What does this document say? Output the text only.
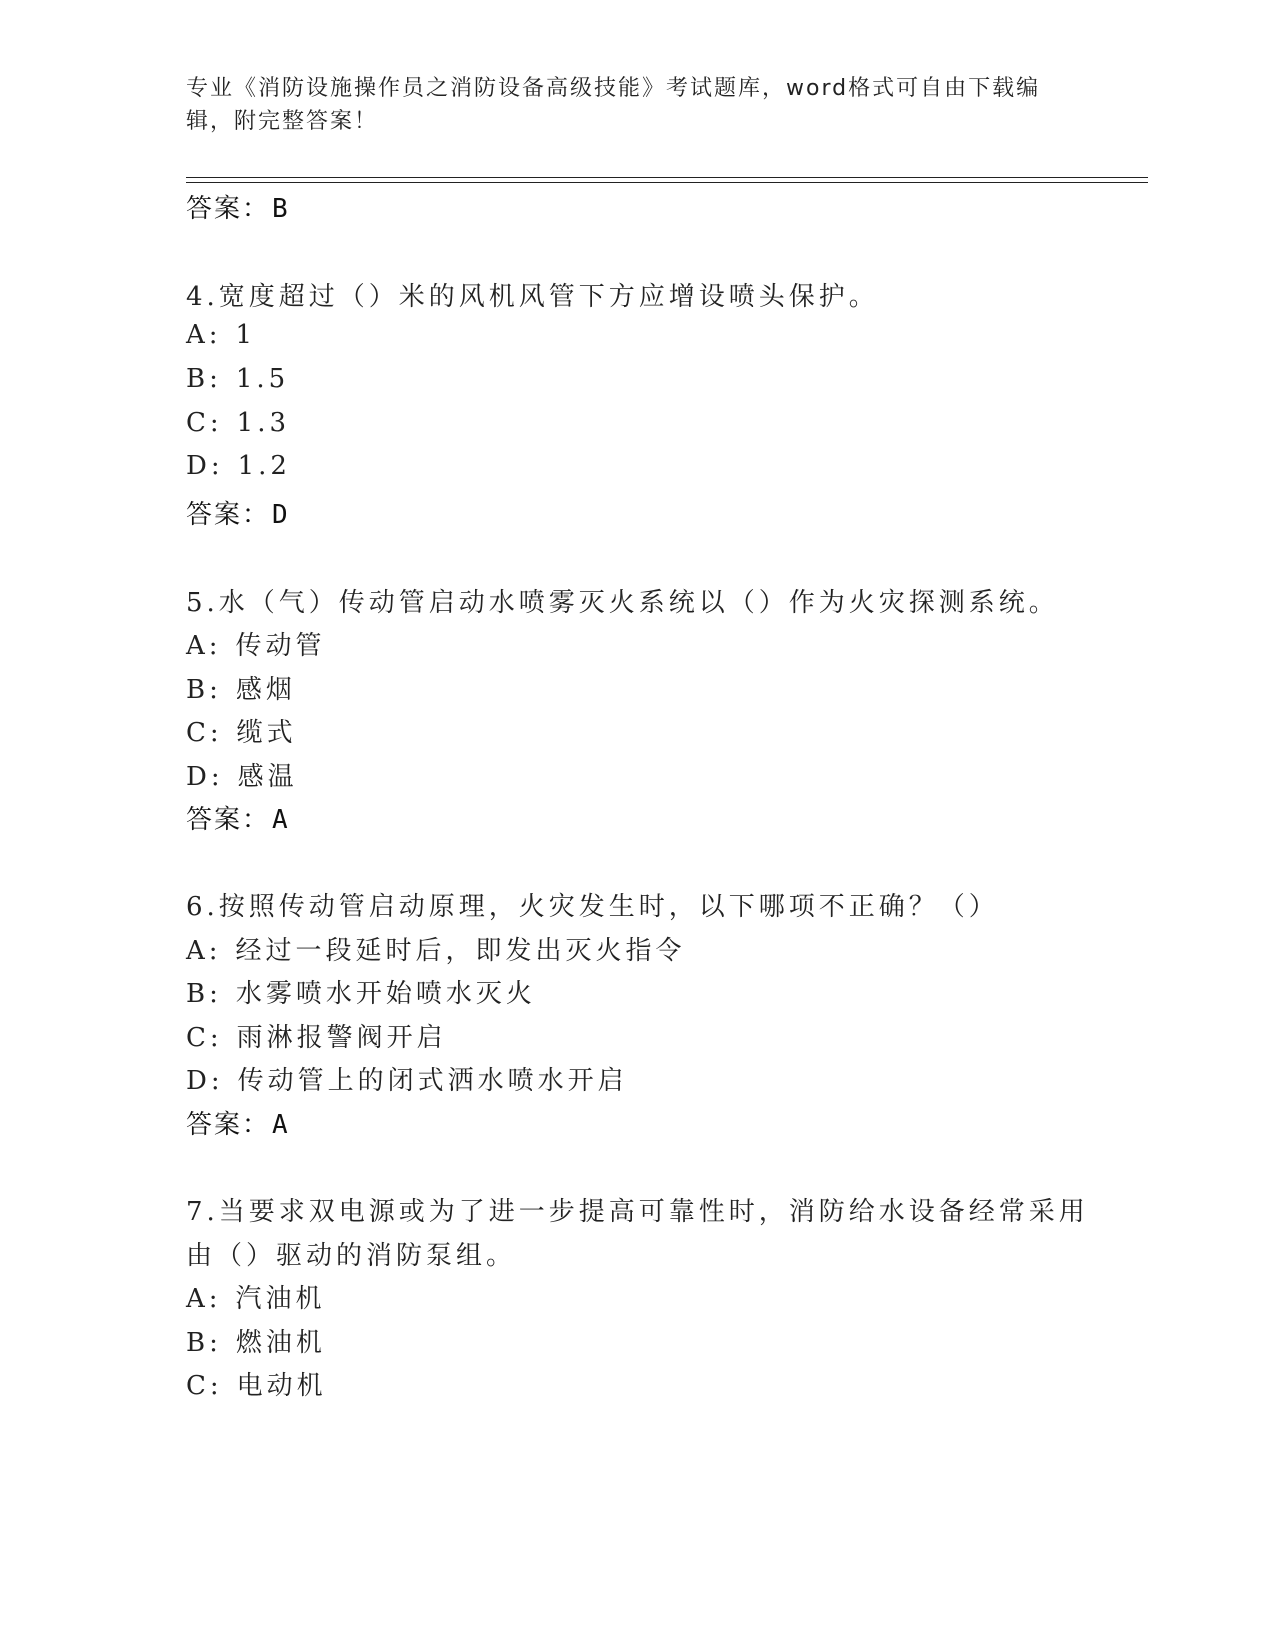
专业《消防设施操作员之消防设备高级技能》考试题库，word格式可自由下载编
辑，附完整答案！
答案：B
4.宽度超过（）米的风机风管下方应增设喷头保护。
A: 1
B: 1.5
C: 1.3
D: 1.2
答案：D
5.水（气）传动管启动水喷雾灭火系统以（）作为火灾探测系统。
A: 传动管
B: 感烟
C: 缆式
D: 感温
答案：A
6.按照传动管启动原理，火灾发生时，以下哪项不正确？（）
A: 经过一段延时后，即发出灭火指令
B: 水雾喷水开始喷水灭火
C: 雨淋报警阀开启
D: 传动管上的闭式洒水喷水开启
答案：A
7.当要求双电源或为了进一步提高可靠性时，消防给水设备经常采用
由（）驱动的消防泵组。
A: 汽油机
B: 燃油机
C: 电动机
